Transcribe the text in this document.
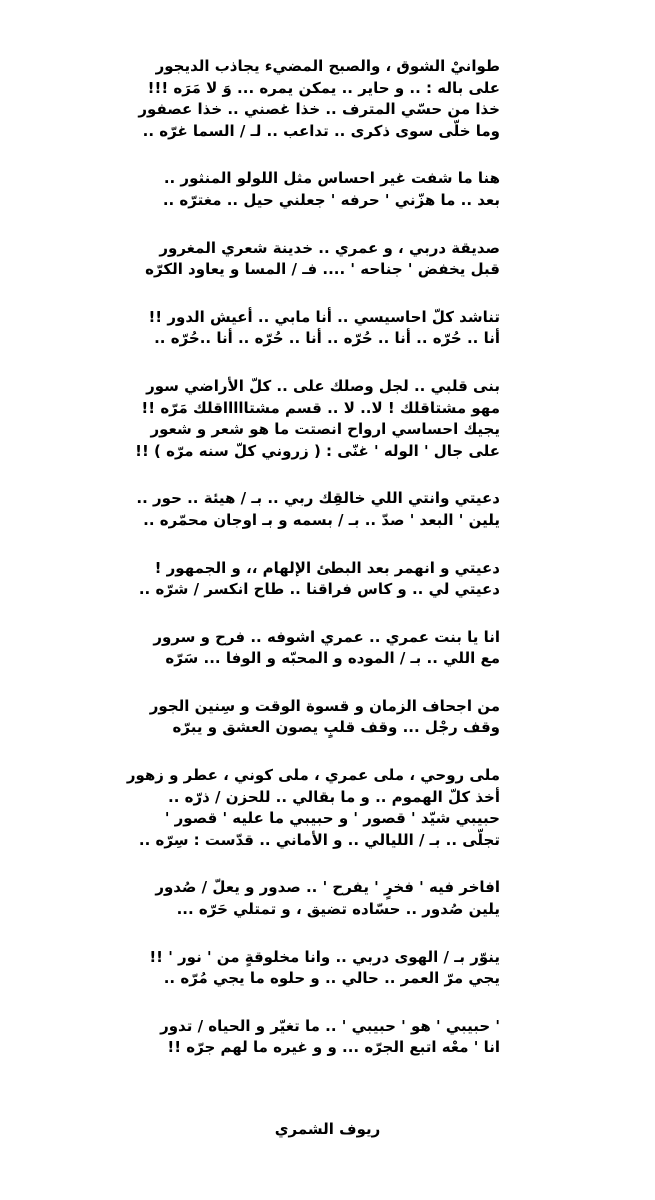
طوانيْ الشوق ، والصبح المضيء يجاذب الديجور
على باله : .. و حاير .. يمكن يمره ... وَ لا مَرَه !!!
خذا من حسّي المترف .. خذا غصني .. خذا عصفور
وما خلّى سوى ذكرى .. تداعب .. لـ / السما غرّه ..
هنا ما شفت غير احساس مثل اللولو المنثور ..
بعد .. ما هزّني ' حرفه ' جعلني حيل .. مغترّه ..
صديقة دربي ، و عمري .. خدينة شعري المغرور
قبل يخفض ' جناحه ' .... فـ / المسا و يعاود الكرّه
تناشد كلّ احاسيسي .. أنا مابي .. أعيش الدور !!
أنا .. حُرّه .. أنا .. حُرّه .. أنا .. حُرّه .. أنا ..حُرّه ..
بنى قلبي .. لجل وصلك على .. كلّ الأراضي سور
مهو مشتاقلك ! لا.. لا .. قسم مشتاااااقلك مَرّه !!
يجيك احساسي ارواح انصتت ما هو شعر و شعور
على جال ' الوله ' غنّى : ( زروني كلّ سنه مرّه ) !!
دعيتي وانتي اللي خالقِك ربي .. بـ / هيئة .. حور ..
يلين ' البعد ' صدّ .. بـ / بسمه و بـ اوجان محمّره ..
دعيتي و انهمر بعد البطئ الإلهام ،، و الجمهور !
دعيتي لي .. و كاس فراقنا .. طاح انكسر / شرّه ..
انا يا بنت عمري .. عمري اشوفه .. فرح و سرور
مع اللي .. بـ / الموده و المحبّه و الوفا ... سَرّه
من اجحاف الزمان و قسوة الوقت و سِنين الجور
وقف رجْل ... وقف قلبٍ يصون العشق و يبرّه
ملى روحي ، ملى عمري ، ملى كوني ، عطر و زهور
أخذ كلّ الهموم .. و ما بقالي .. للحزن / ذرّه ..
حبيبي شيّد ' قصور ' و حبيبي ما عليه ' قصور '
تجلّى .. بـ / الليالي .. و الأماني .. قدّست : سِرّه ..
افاخر فيه ' فخرٍ ' يفرح ' .. صدور و يعلّ / صُدور
يلين صُدور .. حسّاده تضيق ، و تمتلي حَرّه ...
ينوّر بـ / الهوى دربي .. وانا مخلوقةٍ من ' نور ' !!
يجي مرّ العمر .. حالي .. و حلوه ما يجي مُرّه ..
' حبيبي ' هو ' حبيبي ' .. ما تغيّر و الحياه / تدور
انا ' معْه اتبع الجرّه ... و و غيره ما لهم جرّه !!
ريوف الشمري
